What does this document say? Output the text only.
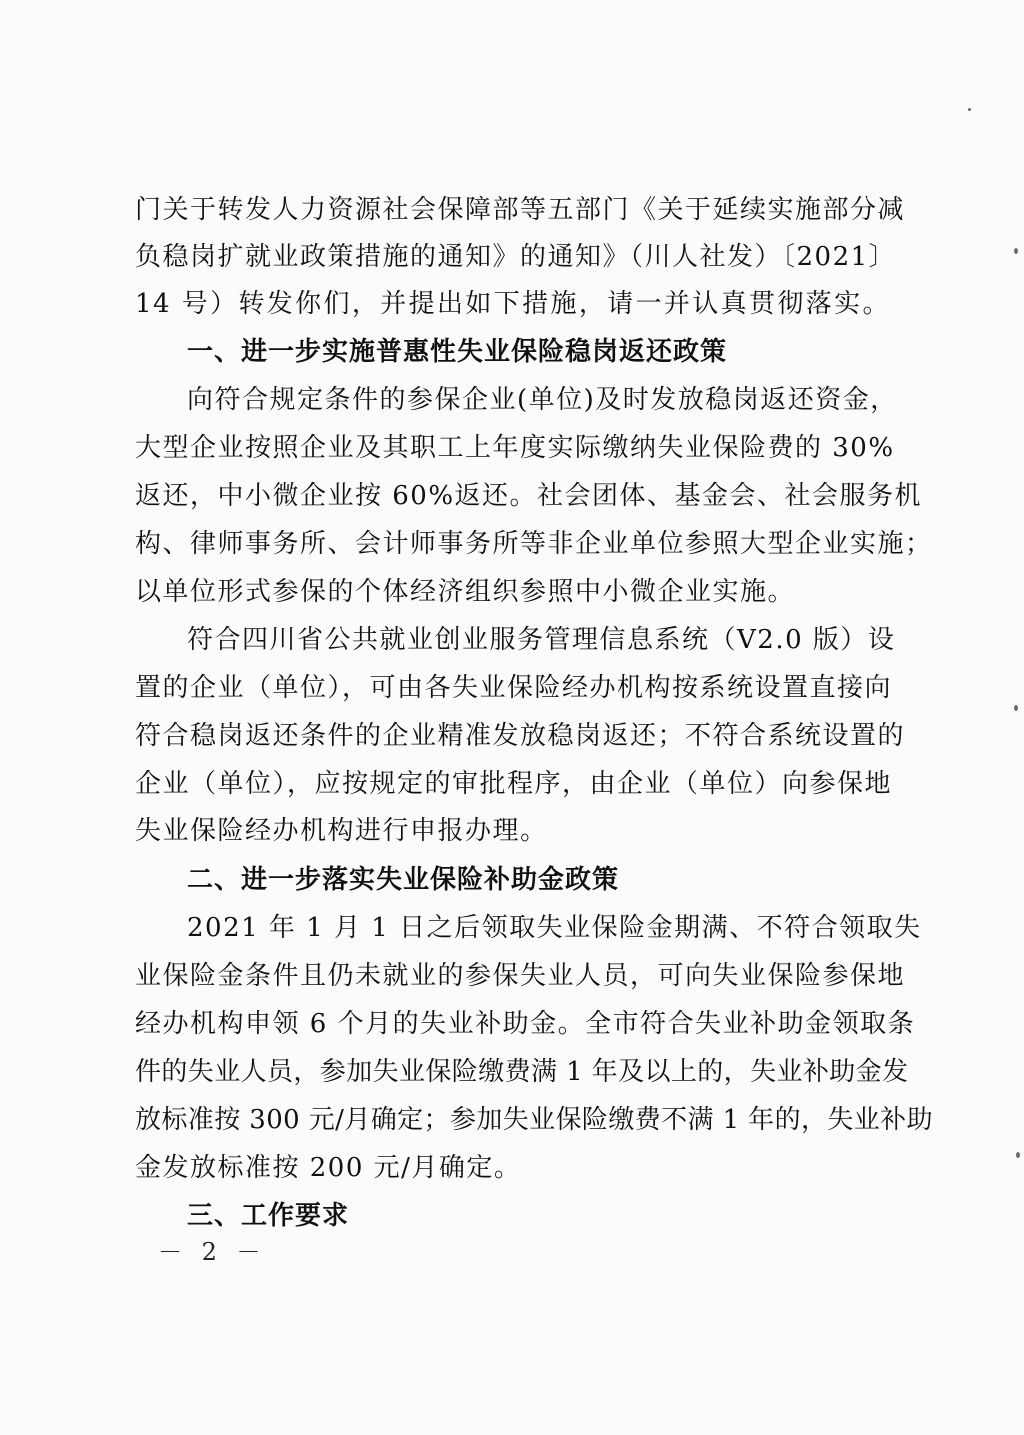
门关于转发人力资源社会保障部等五部门《关于延续实施部分减
负稳岗扩就业政策措施的通知》的通知》（川人社发）〔2021〕
14 号）转发你们，并提出如下措施，请一并认真贯彻落实。
一、进一步实施普惠性失业保险稳岗返还政策
向符合规定条件的参保企业(单位)及时发放稳岗返还资金，
大型企业按照企业及其职工上年度实际缴纳失业保险费的 30%
返还，中小微企业按 60%返还。社会团体、基金会、社会服务机
构、律师事务所、会计师事务所等非企业单位参照大型企业实施；
以单位形式参保的个体经济组织参照中小微企业实施。
符合四川省公共就业创业服务管理信息系统（V2.0 版）设
置的企业（单位），可由各失业保险经办机构按系统设置直接向
符合稳岗返还条件的企业精准发放稳岗返还；不符合系统设置的
企业（单位），应按规定的审批程序，由企业（单位）向参保地
失业保险经办机构进行申报办理。
二、进一步落实失业保险补助金政策
2021 年 1 月 1 日之后领取失业保险金期满、不符合领取失
业保险金条件且仍未就业的参保失业人员，可向失业保险参保地
经办机构申领 6 个月的失业补助金。全市符合失业补助金领取条
件的失业人员，参加失业保险缴费满 1 年及以上的，失业补助金发
放标准按 300 元/月确定；参加失业保险缴费不满 1 年的，失业补助
金发放标准按 200 元/月确定。
三、工作要求
－ 2 －
